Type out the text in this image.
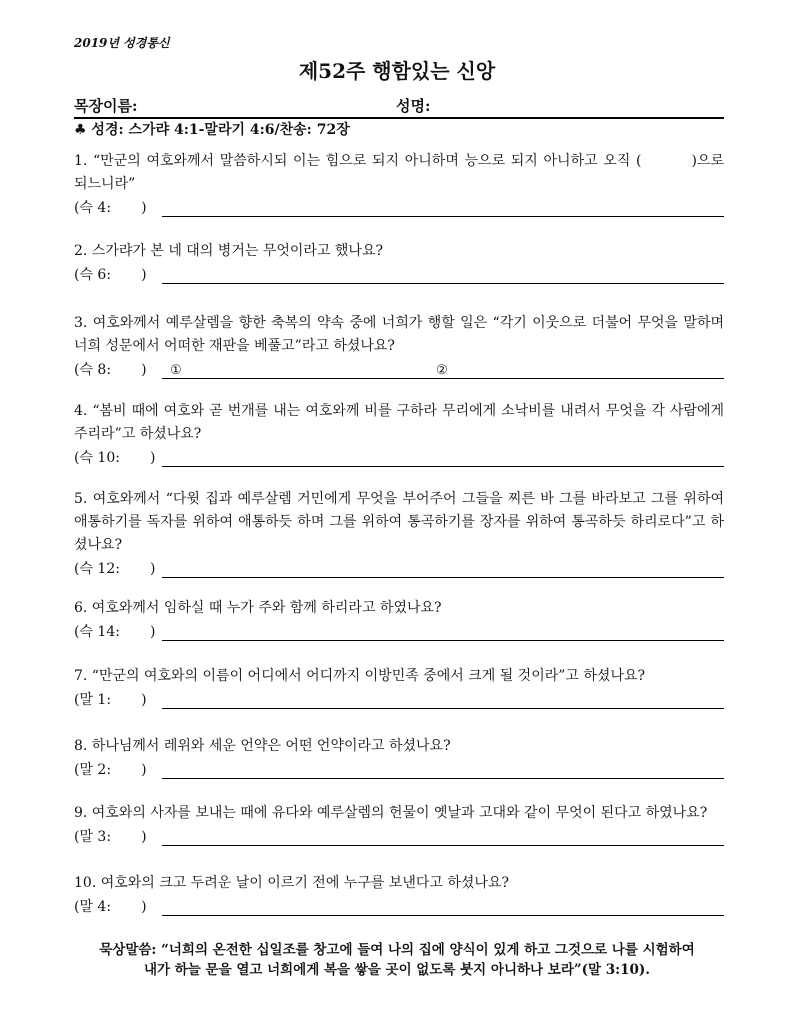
2019년 성경통신
제52주 행함있는 신앙
목장이름:	성명:
♣ 성경: 스가랴 4:1-말라기 4:6/찬송: 72장
1. “만군의 여호와께서 말씀하시되 이는 힘으로 되지 아니하며 능으로 되지 아니하고 오직 (	)으로 되느니라”
(슥 4: )
2. 스가랴가 본 네 대의 병거는 무엇이라고 했나요?
(슥 6: )
3. 여호와께서 예루살렘을 향한 축복의 약속 중에 너희가 행할 일은 “각기 이웃으로 더불어 무엇을 말하며 너희 성문에서 어떠한 재판을 베풀고”라고 하셨나요?
(슥 8: ) ①	②
4. “봄비 때에 여호와 곧 번개를 내는 여호와께 비를 구하라 무리에게 소낙비를 내려서 무엇을 각 사람에게 주리라”고 하셨나요?
(슥 10: )
5. 여호와께서 “다윗 집과 예루살렘 거민에게 무엇을 부어주어 그들을 찌른 바 그를 바라보고 그를 위하여 애통하기를 독자를 위하여 애통하듯 하며 그를 위하여 통곡하기를 장자를 위하여 통곡하듯 하리로다”고 하셨나요?
(슥 12: )
6. 여호와께서 임하실 때 누가 주와 함께 하리라고 하였나요?
(슥 14: )
7. “만군의 여호와의 이름이 어디에서 어디까지 이방민족 중에서 크게 될 것이라”고 하셨나요?
(말 1: )
8. 하나님께서 레위와 세운 언약은 어떤 언약이라고 하셨나요?
(말 2: )
9. 여호와의 사자를 보내는 때에 유다와 예루살렘의 헌물이 옛날과 고대와 같이 무엇이 된다고 하였나요?
(말 3: )
10. 여호와의 크고 두려운 날이 이르기 전에 누구를 보낸다고 하셨나요?
(말 4: )
묵상말씀: “너희의 온전한 십일조를 창고에 들여 나의 집에 양식이 있게 하고 그것으로 나를 시험하여
내가 하늘 문을 열고 너희에게 복을 쌓을 곳이 없도록 붓지 아니하나 보라”(말 3:10).
